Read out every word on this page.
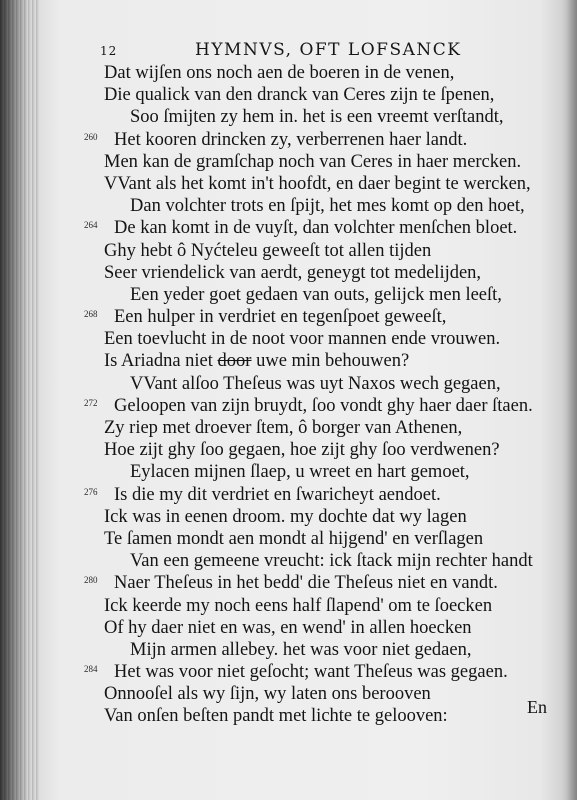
12	HYMNVS, OFT LOFSANCK
Dat wijſen ons noch aen de boeren in de venen,
Die qualick van den dranck van Ceres zijn te ſpenen,
Soo ſmijten zy hem in. het is een vreemt verſtandt,
260 Het kooren drincken zy, verberrenen haer landt.
Men kan de gramſchap noch van Ceres in haer mercken.
VVant als het komt in't hoofdt, en daer begint te wercken,
Dan volchter trots en ſpijt, het mes komt op den hoet,
264 De kan komt in de vuyſt, dan volchter menſchen bloet.
Ghy hebt ô Nyćteleu geweeſt tot allen tijden
Seer vriendelick van aerdt, geneygt tot medelijden,
Een yeder goet gedaen van outs, gelijck men leeſt,
268 Een hulper in verdriet en tegenſpoet geweeſt,
Een toevlucht in de noot voor mannen ende vrouwen.
Is Ariadna niet door uwe min behouwen?
VVant alſoo Theſeus was uyt Naxos wech gegaen,
272 Geloopen van zijn bruydt, ſoo vondt ghy haer daer ſtaen.
Zy riep met droever ſtem, ô borger van Athenen,
Hoe zijt ghy ſoo gegaen, hoe zijt ghy ſoo verdwenen?
Eylacen mijnen ſlaep, u wreet en hart gemoet,
276 Is die my dit verdriet en ſwaricheyt aendoet.
Ick was in eenen droom. my dochte dat wy lagen
Te ſamen mondt aen mondt al hijgend' en verſlagen
Van een gemeene vreucht: ick ſtack mijn rechter handt
280 Naer Theſeus in het bedd' die Theſeus niet en vandt.
Ick keerde my noch eens half ſlapend' om te ſoecken
Of hy daer niet en was, en wend' in allen hoecken
Mijn armen allebey. het was voor niet gedaen,
284 Het was voor niet geſocht; want Theſeus was gegaen.
Onnooſel als wy ſijn, wy laten ons berooven
Van onſen beſten pandt met lichte te gelooven:	En
